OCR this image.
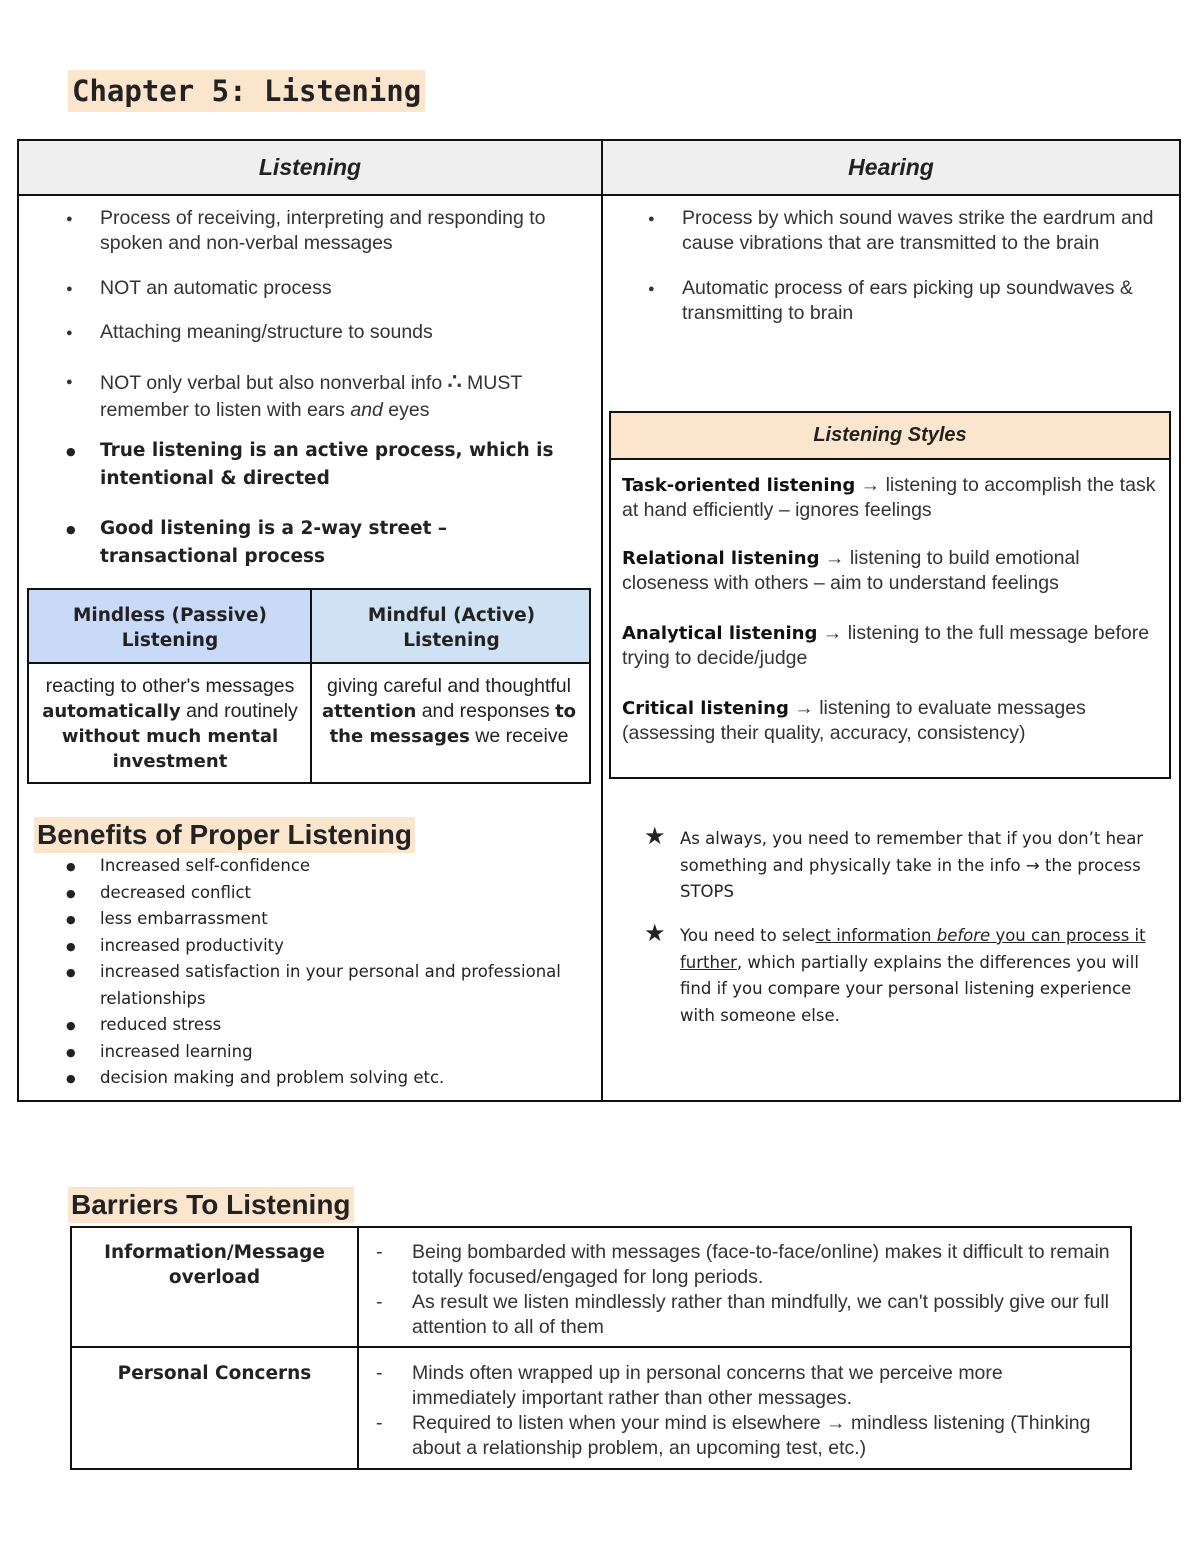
Chapter 5: Listening
Listening	Hearing
● Process of receiving, interpreting and responding to spoken and non-verbal messages
● NOT an automatic process
● Attaching meaning/structure to sounds
● NOT only verbal but also nonverbal info ∴ MUST remember to listen with ears and eyes
● True listening is an active process, which is intentional & directed
● Good listening is a 2-way street – transactional process
● Process by which sound waves strike the eardrum and cause vibrations that are transmitted to the brain
● Automatic process of ears picking up soundwaves & transmitting to brain
Mindless (Passive) Listening
Mindful (Active) Listening
reacting to other's messages automatically and routinely without much mental investment
giving careful and thoughtful attention and responses to the messages we receive
Listening Styles
Task-oriented listening → listening to accomplish the task at hand efficiently – ignores feelings
Relational listening → listening to build emotional closeness with others – aim to understand feelings
Analytical listening → listening to the full message before trying to decide/judge
Critical listening → listening to evaluate messages (assessing their quality, accuracy, consistency)
Benefits of Proper Listening
● Increased self-confidence
● decreased conflict
● less embarrassment
● increased productivity
● increased satisfaction in your personal and professional relationships
● reduced stress
● increased learning
● decision making and problem solving etc.
★ As always, you need to remember that if you don’t hear something and physically take in the info → the process STOPS
★ You need to select information before you can process it further, which partially explains the differences you will find if you compare your personal listening experience with someone else.
Barriers To Listening
Information/Message overload
- Being bombarded with messages (face-to-face/online) makes it difficult to remain totally focused/engaged for long periods.
- As result we listen mindlessly rather than mindfully, we can't possibly give our full attention to all of them
Personal Concerns
-	Minds often wrapped up in personal concerns that we perceive more immediately important rather than other messages.
- Required to listen when your mind is elsewhere → mindless listening (Thinking about a relationship problem, an upcoming test, etc.)
